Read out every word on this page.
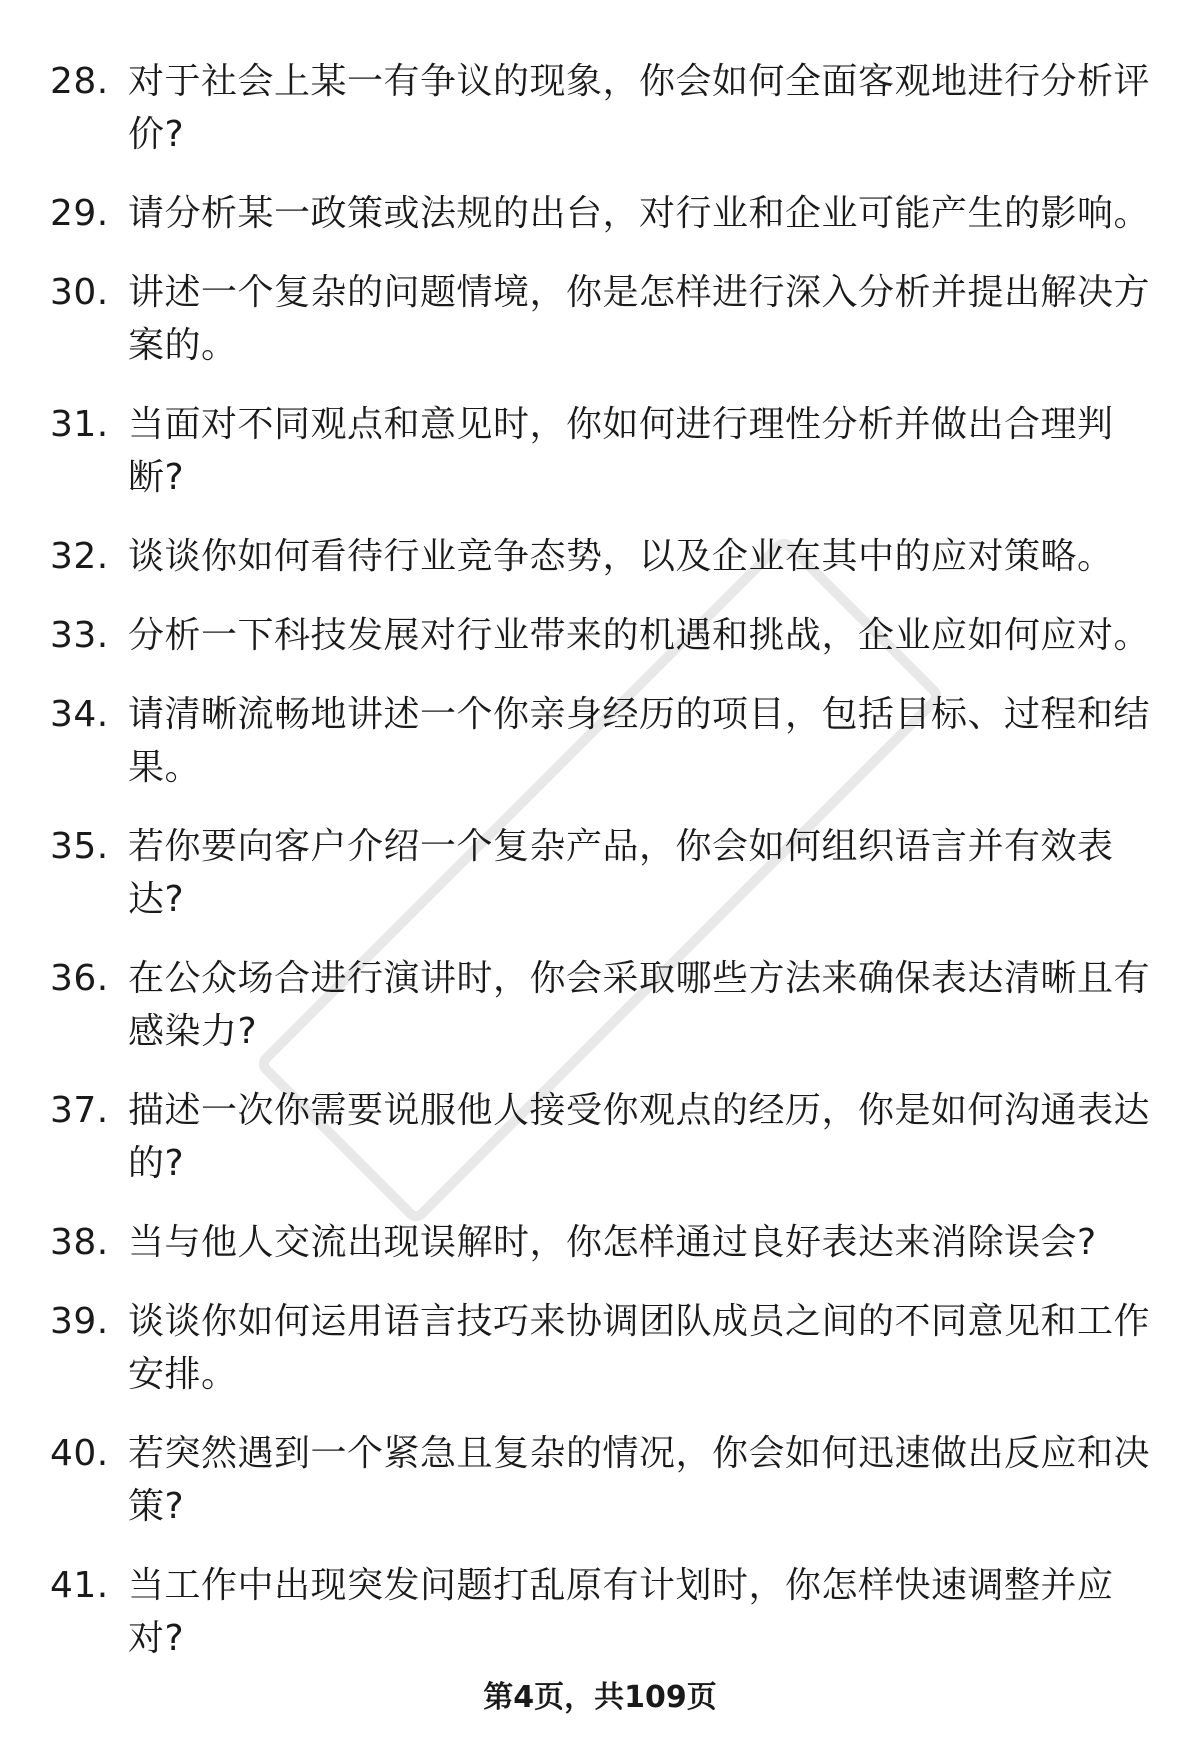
28. 对于社会上某一有争议的现象，你会如何全面客观地进行分析评价?
29. 请分析某一政策或法规的出台，对行业和企业可能产生的影响。
30. 讲述一个复杂的问题情境，你是怎样进行深入分析并提出解决方案的。
31. 当面对不同观点和意见时，你如何进行理性分析并做出合理判断?
32. 谈谈你如何看待行业竞争态势，以及企业在其中的应对策略。
33. 分析一下科技发展对行业带来的机遇和挑战，企业应如何应对。
34. 请清晰流畅地讲述一个你亲身经历的项目，包括目标、过程和结果。
35. 若你要向客户介绍一个复杂产品，你会如何组织语言并有效表达?
36. 在公众场合进行演讲时，你会采取哪些方法来确保表达清晰且有感染力?
37. 描述一次你需要说服他人接受你观点的经历，你是如何沟通表达的?
38. 当与他人交流出现误解时，你怎样通过良好表达来消除误会?
39. 谈谈你如何运用语言技巧来协调团队成员之间的不同意见和工作安排。
40. 若突然遇到一个紧急且复杂的情况，你会如何迅速做出反应和决策?
41. 当工作中出现突发问题打乱原有计划时，你怎样快速调整并应对?
第4页，共109页
